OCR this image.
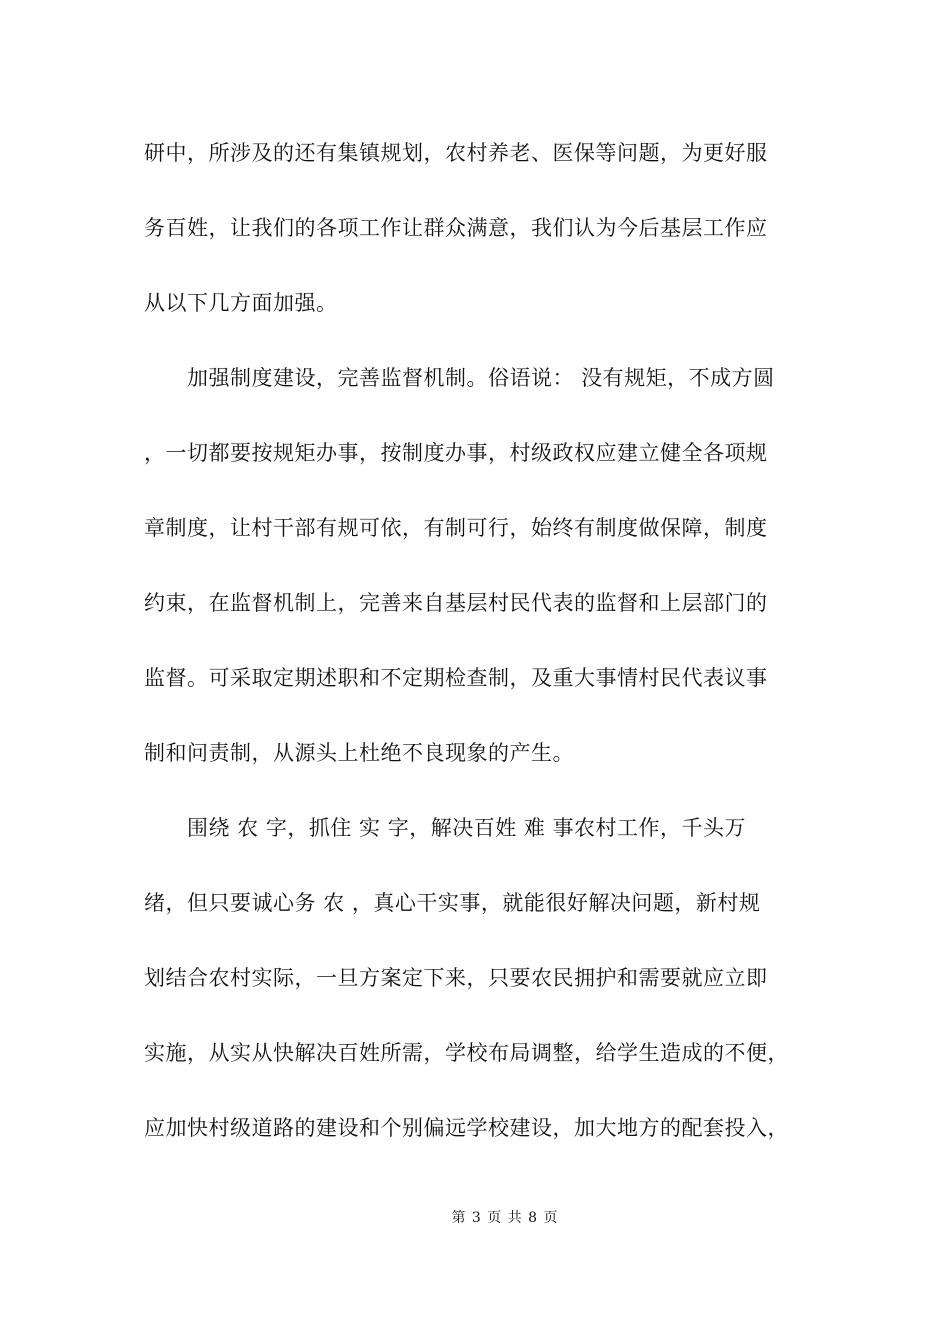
研中，所涉及的还有集镇规划，农村养老、医保等问题，为更好服
务百姓，让我们的各项工作让群众满意，我们认为今后基层工作应
从以下几方面加强。
　　加强制度建设，完善监督机制。俗语说： 没有规矩，不成方圆
，一切都要按规矩办事，按制度办事，村级政权应建立健全各项规
章制度，让村干部有规可依，有制可行，始终有制度做保障，制度
约束，在监督机制上，完善来自基层村民代表的监督和上层部门的
监督。可采取定期述职和不定期检查制，及重大事情村民代表议事
制和问责制，从源头上杜绝不良现象的产生。
　　围绕 农 字，抓住 实 字，解决百姓 难 事农村工作，千头万
绪，但只要诚心务 农 ，真心干实事，就能很好解决问题，新村规
划结合农村实际，一旦方案定下来，只要农民拥护和需要就应立即
实施，从实从快解决百姓所需，学校布局调整，给学生造成的不便，
应加快村级道路的建设和个别偏远学校建设，加大地方的配套投入，
第 3 页 共 8 页
